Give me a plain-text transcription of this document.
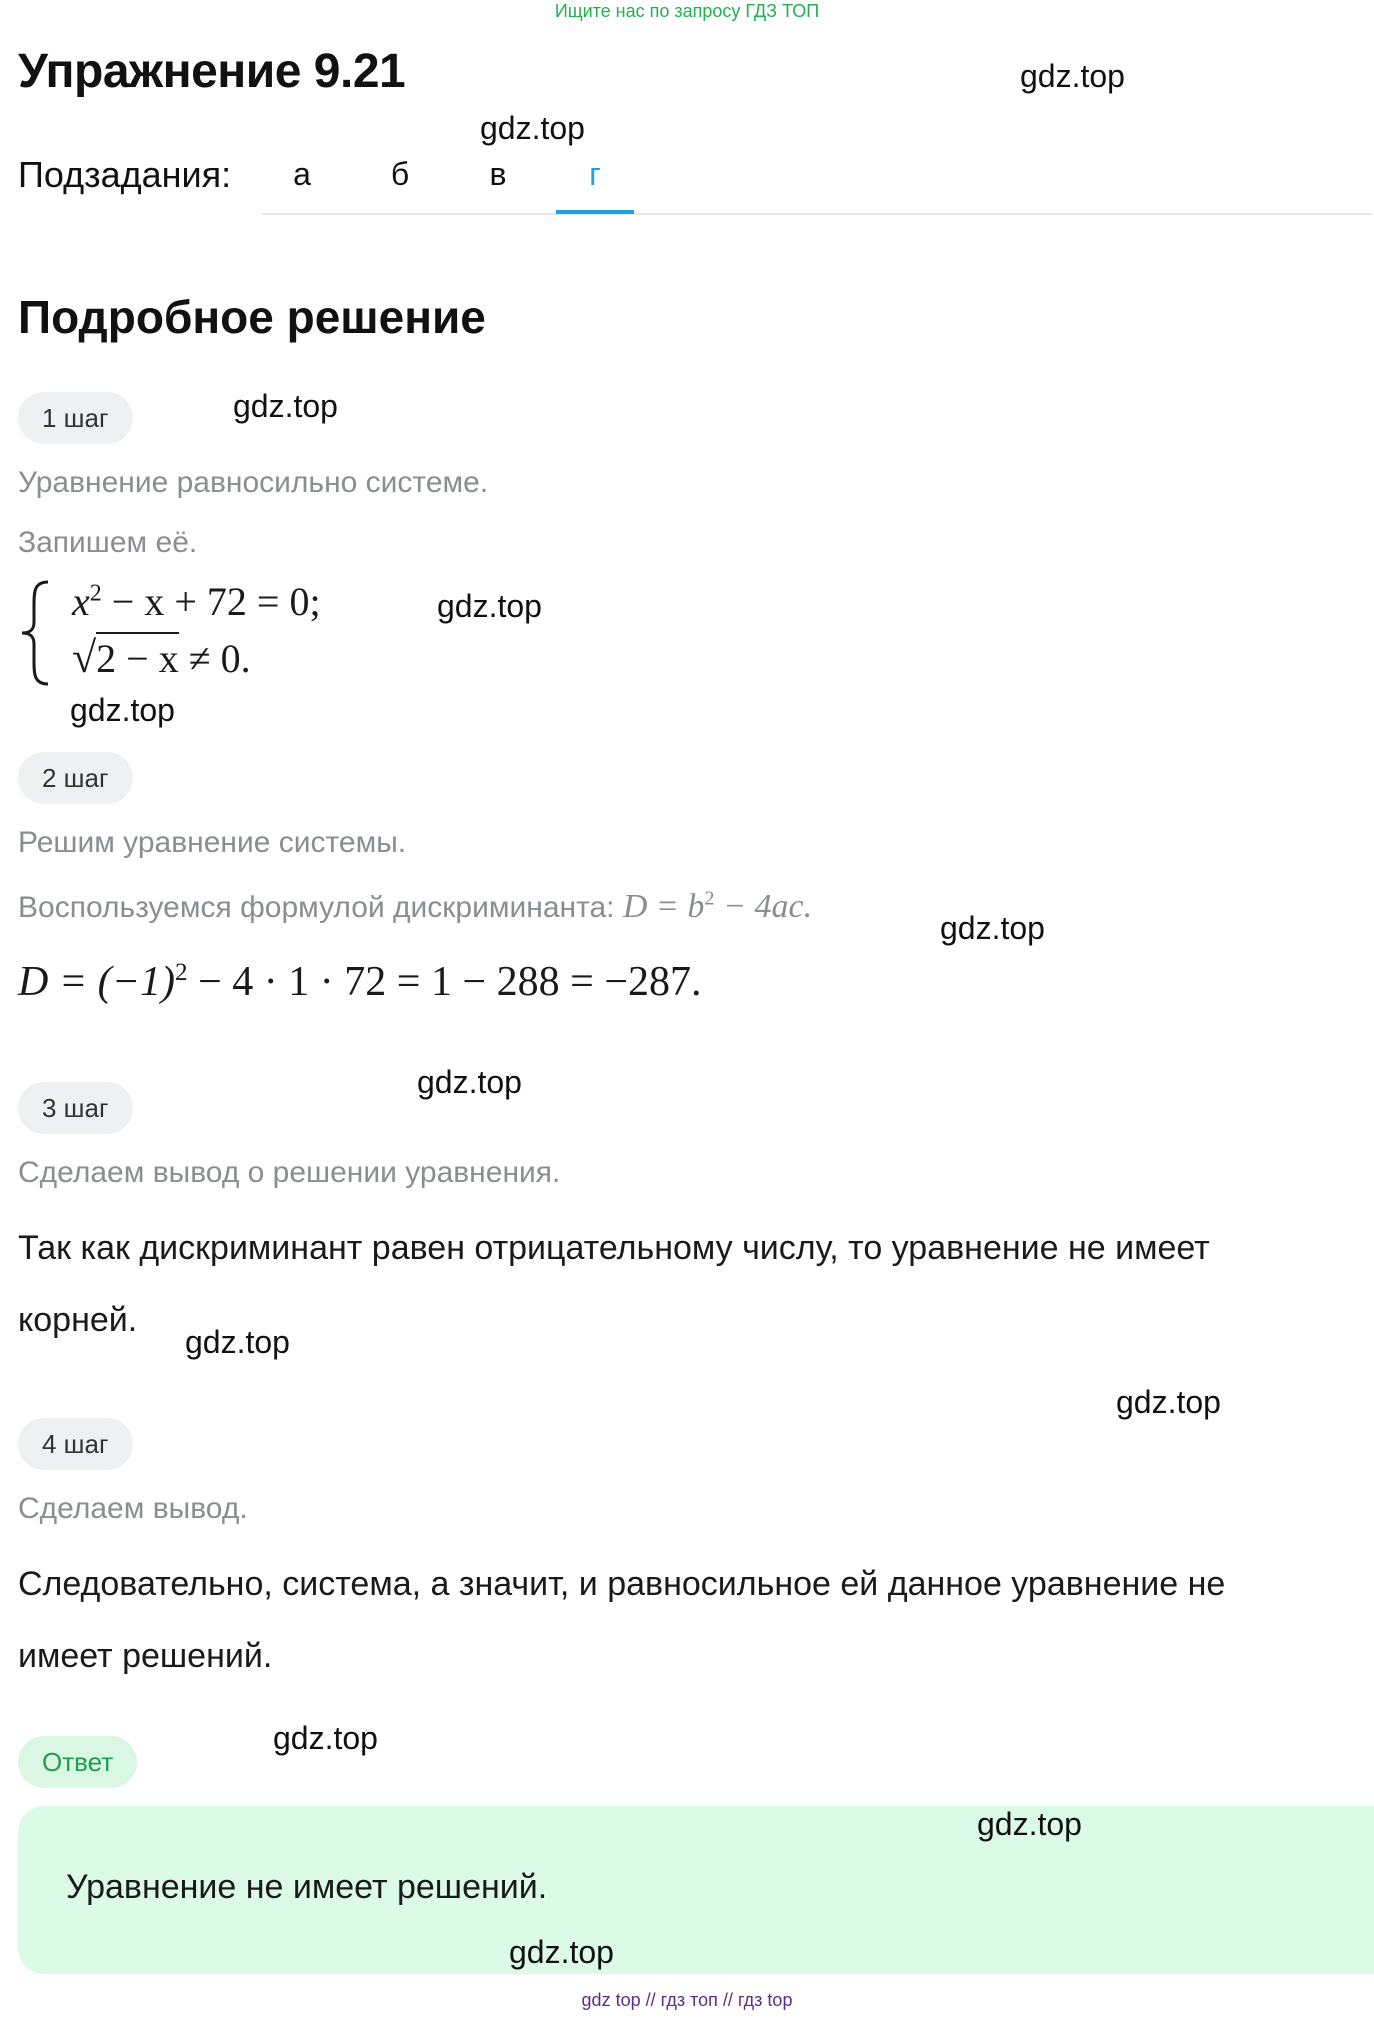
Ищите нас по запросу ГДЗ ТОП
Упражнение 9.21	gdz.top
gdz.top
Подзадания:	а	б	в	г
Подробное решение
1 шаг	gdz.top
Уравнение равносильно системе.
Запишем её.
$x^2 - x + 72 = 0$;
√2 − x ≠ 0.
gdz.top
gdz.top
2 шаг
Решим уравнение системы.
Воспользуемся формулой дискриминанта: $D = b^2 - 4ac$.
gdz.top
$D = (-1)^2 - 4 \cdot 1 \cdot 72 = 1 - 288 = -287$.
gdz.top
3 шаг
Сделаем вывод о решении уравнения.
Так как дискриминант равен отрицательному числу, то уравнение не имеет
корней.
gdz.top
gdz.top
4 шаг
Сделаем вывод.
Следовательно, система, а значит, и равносильное ей данное уравнение не
имеет решений.
gdz.top
Ответ
gdz.top
Уравнение не имеет решений.
gdz.top
gdz top // гдз топ // гдз top
